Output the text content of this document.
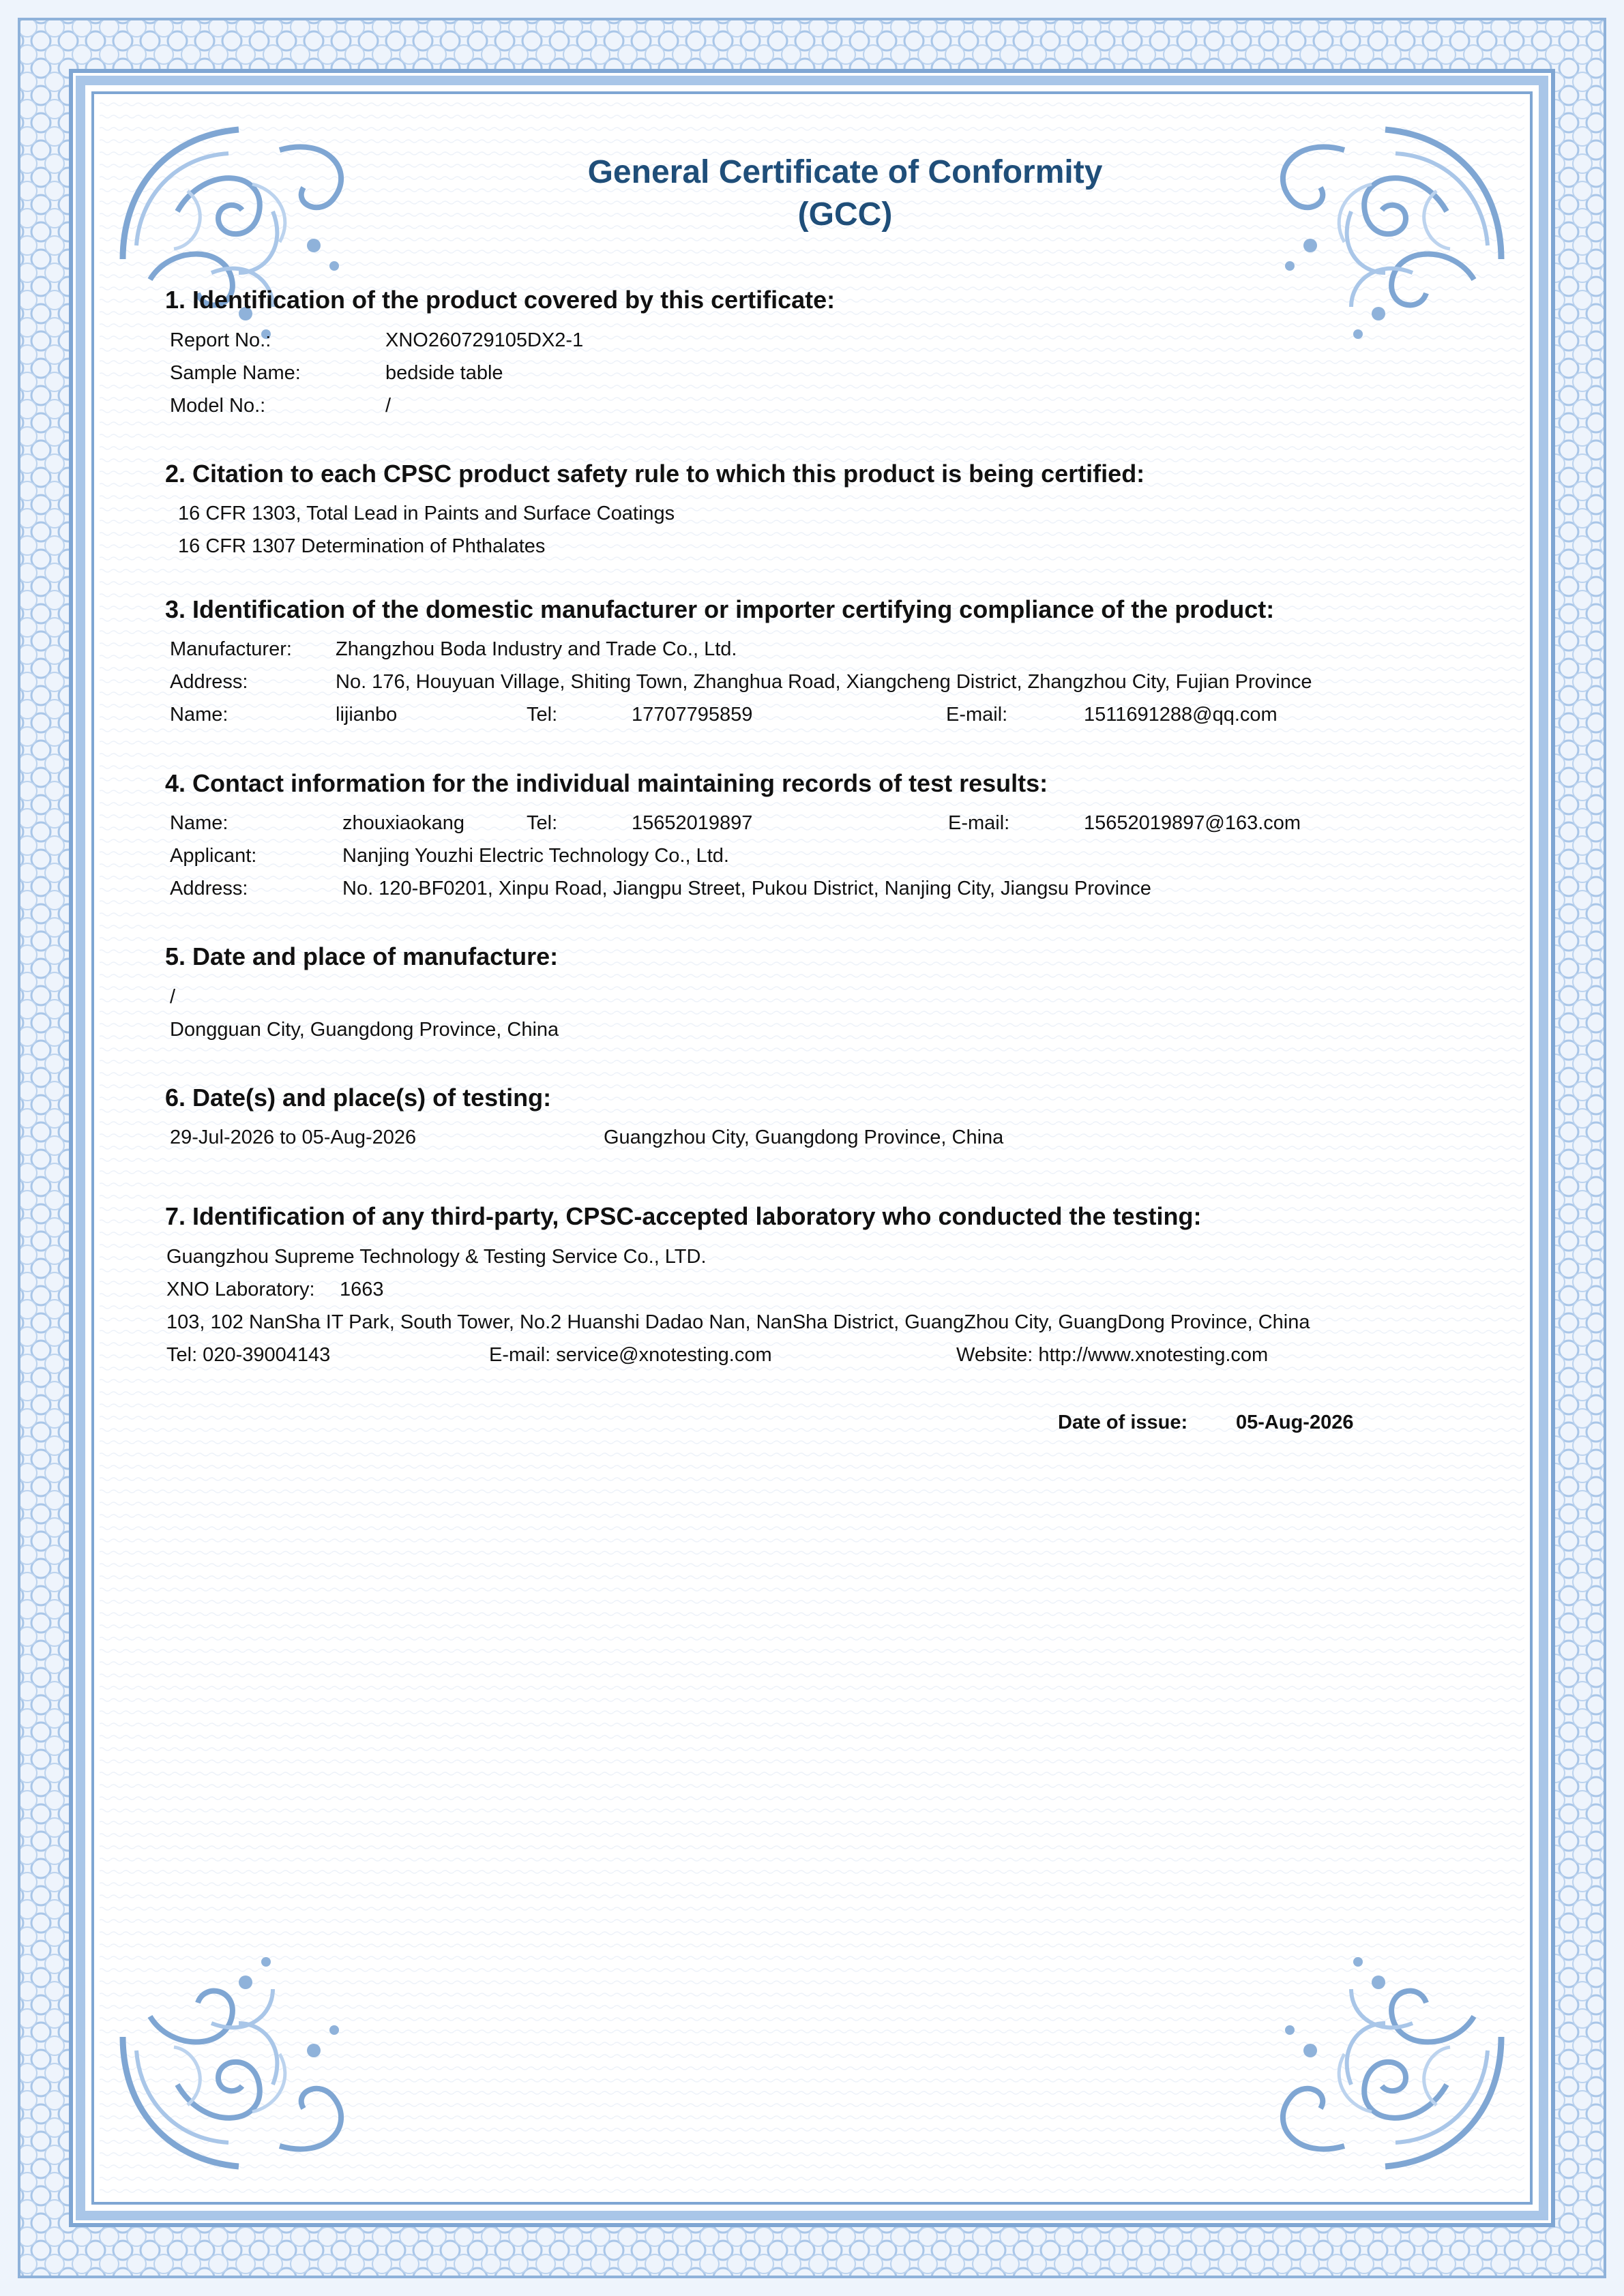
General Certificate of Conformity
(GCC)
1. Identification of the product covered by this certificate:
Report No.:	XNO260729105DX2-1
Sample Name:	bedside table
Model No.:	/
2. Citation to each CPSC product safety rule to which this product is being certified:
16 CFR 1303, Total Lead in Paints and Surface Coatings
16 CFR 1307 Determination of Phthalates
3. Identification of the domestic manufacturer or importer certifying compliance of the product:
Manufacturer: Zhangzhou Boda Industry and Trade Co., Ltd.
Address:	No. 176, Houyuan Village, Shiting Town, Zhanghua Road, Xiangcheng District, Zhangzhou City, Fujian Province
Name:	lijianbo	Tel:	17707795859	E-mail:	1511691288@qq.com
4. Contact information for the individual maintaining records of test results:
Name:	zhouxiaokang	Tel:	15652019897	E-mail:	15652019897@163.com
Applicant:	Nanjing Youzhi Electric Technology Co., Ltd.
Address:	No. 120-BF0201, Xinpu Road, Jiangpu Street, Pukou District, Nanjing City, Jiangsu Province
5. Date and place of manufacture:
/
Dongguan City, Guangdong Province, China
6. Date(s) and place(s) of testing:
29-Jul-2026 to 05-Aug-2026	Guangzhou City, Guangdong Province, China
7. Identification of any third-party, CPSC-accepted laboratory who conducted the testing:
Guangzhou Supreme Technology & Testing Service Co., LTD.
XNO Laboratory: 1663
103, 102 NanSha IT Park, South Tower, No.2 Huanshi Dadao Nan, NanSha District, GuangZhou City, GuangDong Province, China
Tel: 020-39004143	E-mail: service@xnotesting.com	Website: http://www.xnotesting.com
Date of issue: 05-Aug-2026
